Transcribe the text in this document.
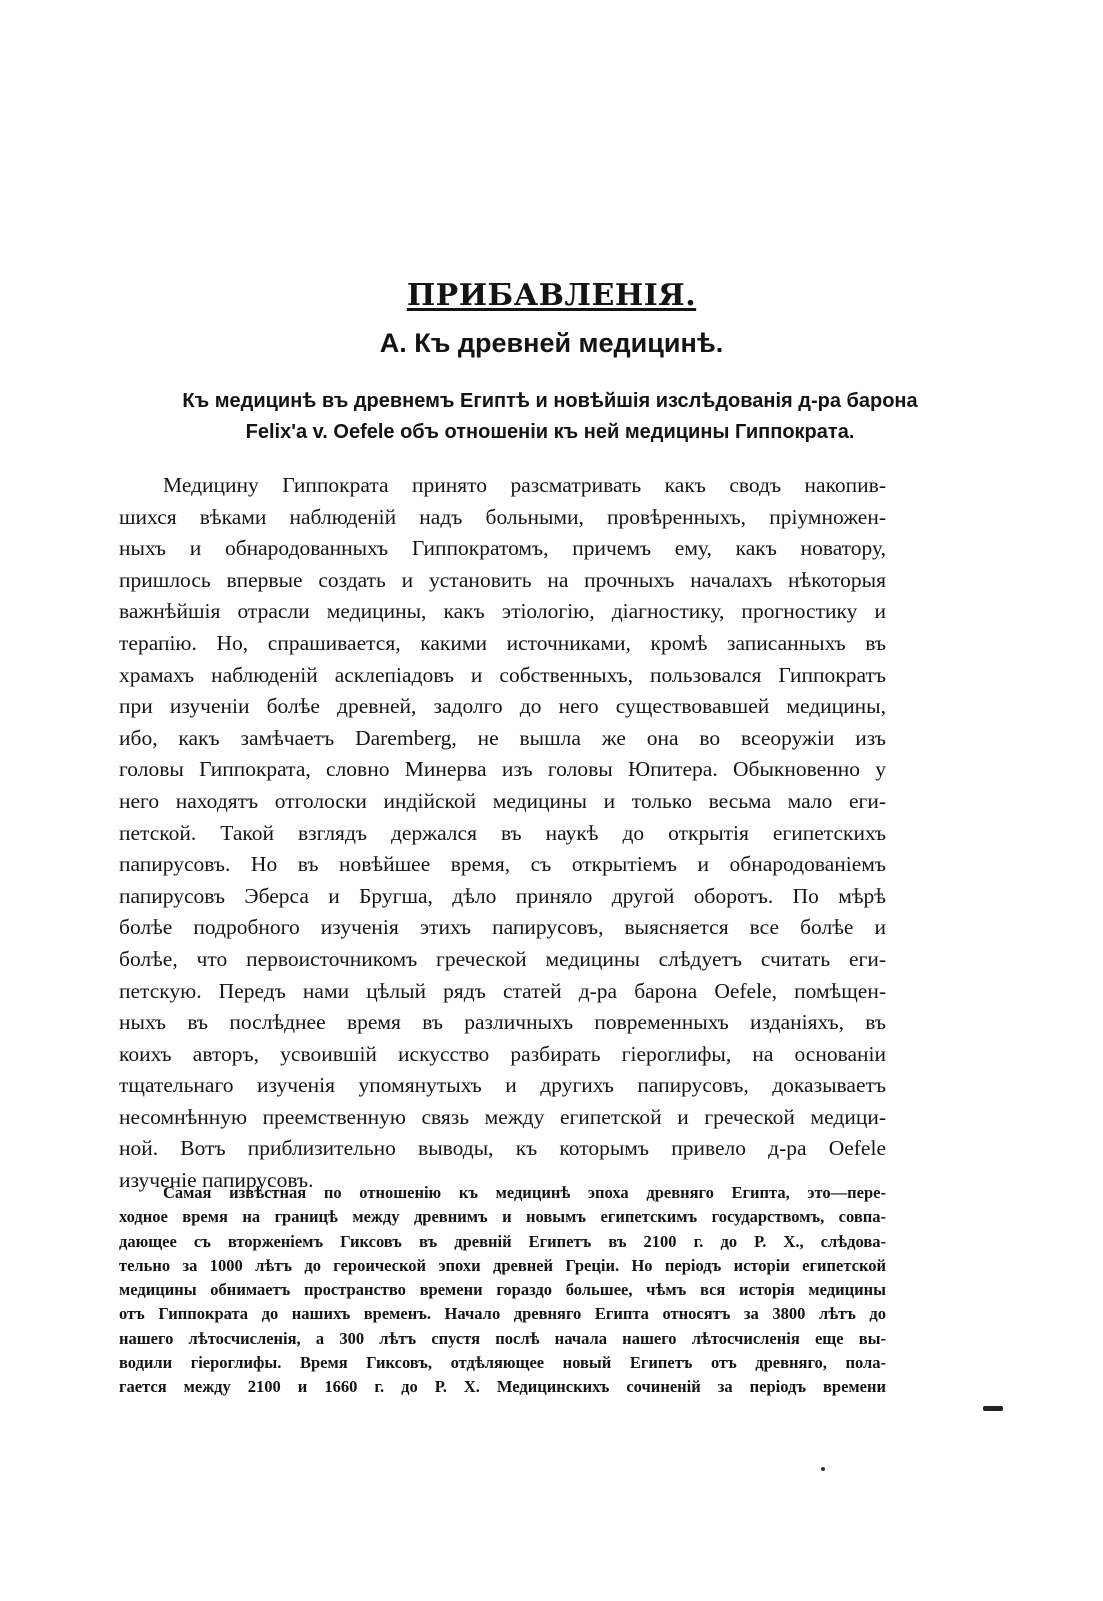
ПРИБАВЛЕНIЯ.
А. Къ древней медицинѣ.
Къ медицинѣ въ древнемъ Египтѣ и новѣйшiя изслѣдованiя д-ра барона
Felix'а v. Oefele объ отношенiи къ ней медицины Гиппократа.
Медицину Гиппократа принято разсматривать какъ сводъ накопив-
шихся вѣками наблюденiй надъ больными, провѣренныхъ, прiумножен-
ныхъ и обнародованныхъ Гиппократомъ, причемъ ему, какъ новатору,
пришлось впервые создать и установить на прочныхъ началахъ нѣкоторыя
важнѣйшiя отрасли медицины, какъ этiологiю, дiагностику, прогностику и
терапiю. Но, спрашивается, какими источниками, кромѣ записанныхъ въ
храмахъ наблюденiй асклепiадовъ и собственныхъ, пользовался Гиппократъ
при изученiи болѣе древней, задолго до него существовавшей медицины,
ибо, какъ замѣчаетъ Daremberg, не вышла же она во всеоружiи изъ
головы Гиппократа, словно Минерва изъ головы Юпитера. Обыкновенно у
него находятъ отголоски индiйской медицины и только весьма мало еги-
петской. Такой взглядъ держался въ наукѣ до открытiя египетскихъ
папирусовъ. Но въ новѣйшее время, съ открытiемъ и обнародованiемъ
папирусовъ Эберса и Бругша, дѣло приняло другой оборотъ. По мѣрѣ
болѣе подробного изученiя этихъ папирусовъ, выясняется все болѣе и
болѣе, что первоисточникомъ греческой медицины слѣдуетъ считать еги-
петскую. Передъ нами цѣлый рядъ статей д-ра барона Oefele, помѣщен-
ныхъ въ послѣднее время въ различныхъ повременныхъ изданiяхъ, въ
коихъ авторъ, усвоившiй искусство разбирать гiероглифы, на основанiи
тщательнаго изученiя упомянутыхъ и другихъ папирусовъ, доказываетъ
несомнѣнную преемственную связь между египетской и греческой медици-
ной. Вотъ приблизительно выводы, къ которымъ привело д-ра Oefele
изученiе папирусовъ.
Самая извѣстная по отношенiю къ медицинѣ эпоха древняго Египта, это—пере-
ходное время на границѣ между древнимъ и новымъ египетскимъ государствомъ, совпа-
дающее съ вторженiемъ Гиксовъ въ древнiй Египетъ въ 2100 г. до Р. Х., слѣдова-
тельно за 1000 лѣтъ до героической эпохи древней Грецiи. Но перiодъ исторiи египетской
медицины обнимаетъ пространство времени гораздо большее, чѣмъ вся исторiя медицины
отъ Гиппократа до нашихъ временъ. Начало древняго Египта относятъ за 3800 лѣтъ до
нашего лѣтосчисленiя, а 300 лѣтъ спустя послѣ начала нашего лѣтосчисленiя еще вы-
водили гiероглифы. Время Гиксовъ, отдѣляющее новый Египетъ отъ древняго, пола-
гается между 2100 и 1660 г. до Р. Х. Медицинскихъ сочиненiй за перiодъ времени
